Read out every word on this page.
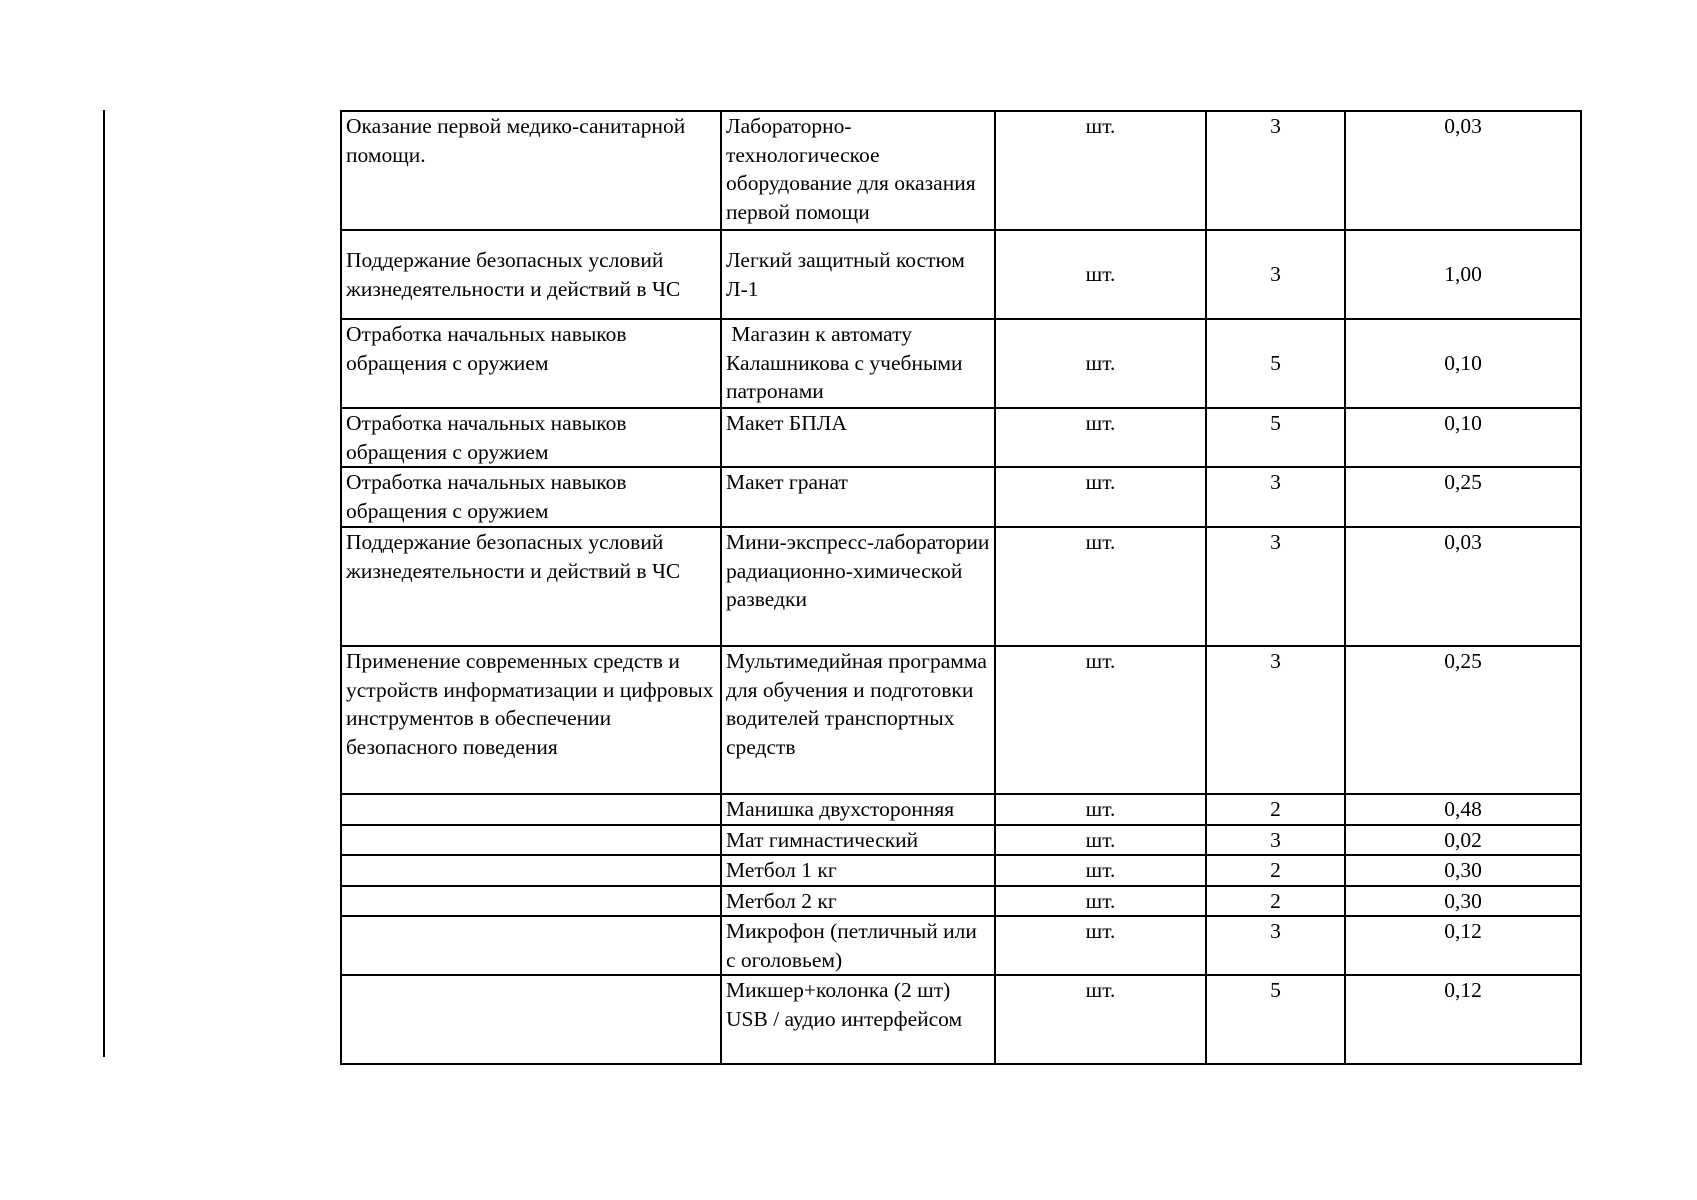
Оказание первой медико-санитарной помощи.	Лабораторно-технологическое оборудование для оказания первой помощи	шт.	3	0,03
Поддержание безопасных условий жизнедеятельности и действий в ЧС	Легкий защитный костюм Л-1	шт.	3	1,00
Отработка начальных навыков обращения с оружием	Магазин к автомату Калашникова с учебными патронами	шт.	5	0,10
Отработка начальных навыков обращения с оружием	Макет БПЛА	шт.	5	0,10
Отработка начальных навыков обращения с оружием	Макет гранат	шт.	3	0,25
Поддержание безопасных условий жизнедеятельности и действий в ЧС	Мини-экспресс-лаборатории радиационно-химической разведки	шт.	3	0,03
Применение современных средств и устройств информатизации и цифровых инструментов в обеспечении безопасного поведения	Мультимедийная программа для обучения и подготовки водителей транспортных средств	шт.	3	0,25
	Манишка двухсторонняя	шт.	2	0,48
	Мат гимнастический	шт.	3	0,02
	Метбол 1 кг	шт.	2	0,30
	Метбол 2 кг	шт.	2	0,30
	Микрофон (петличный или с оголовьем)	шт.	3	0,12
	Микшер+колонка (2 шт) USB / аудио интерфейсом	шт.	5	0,12
